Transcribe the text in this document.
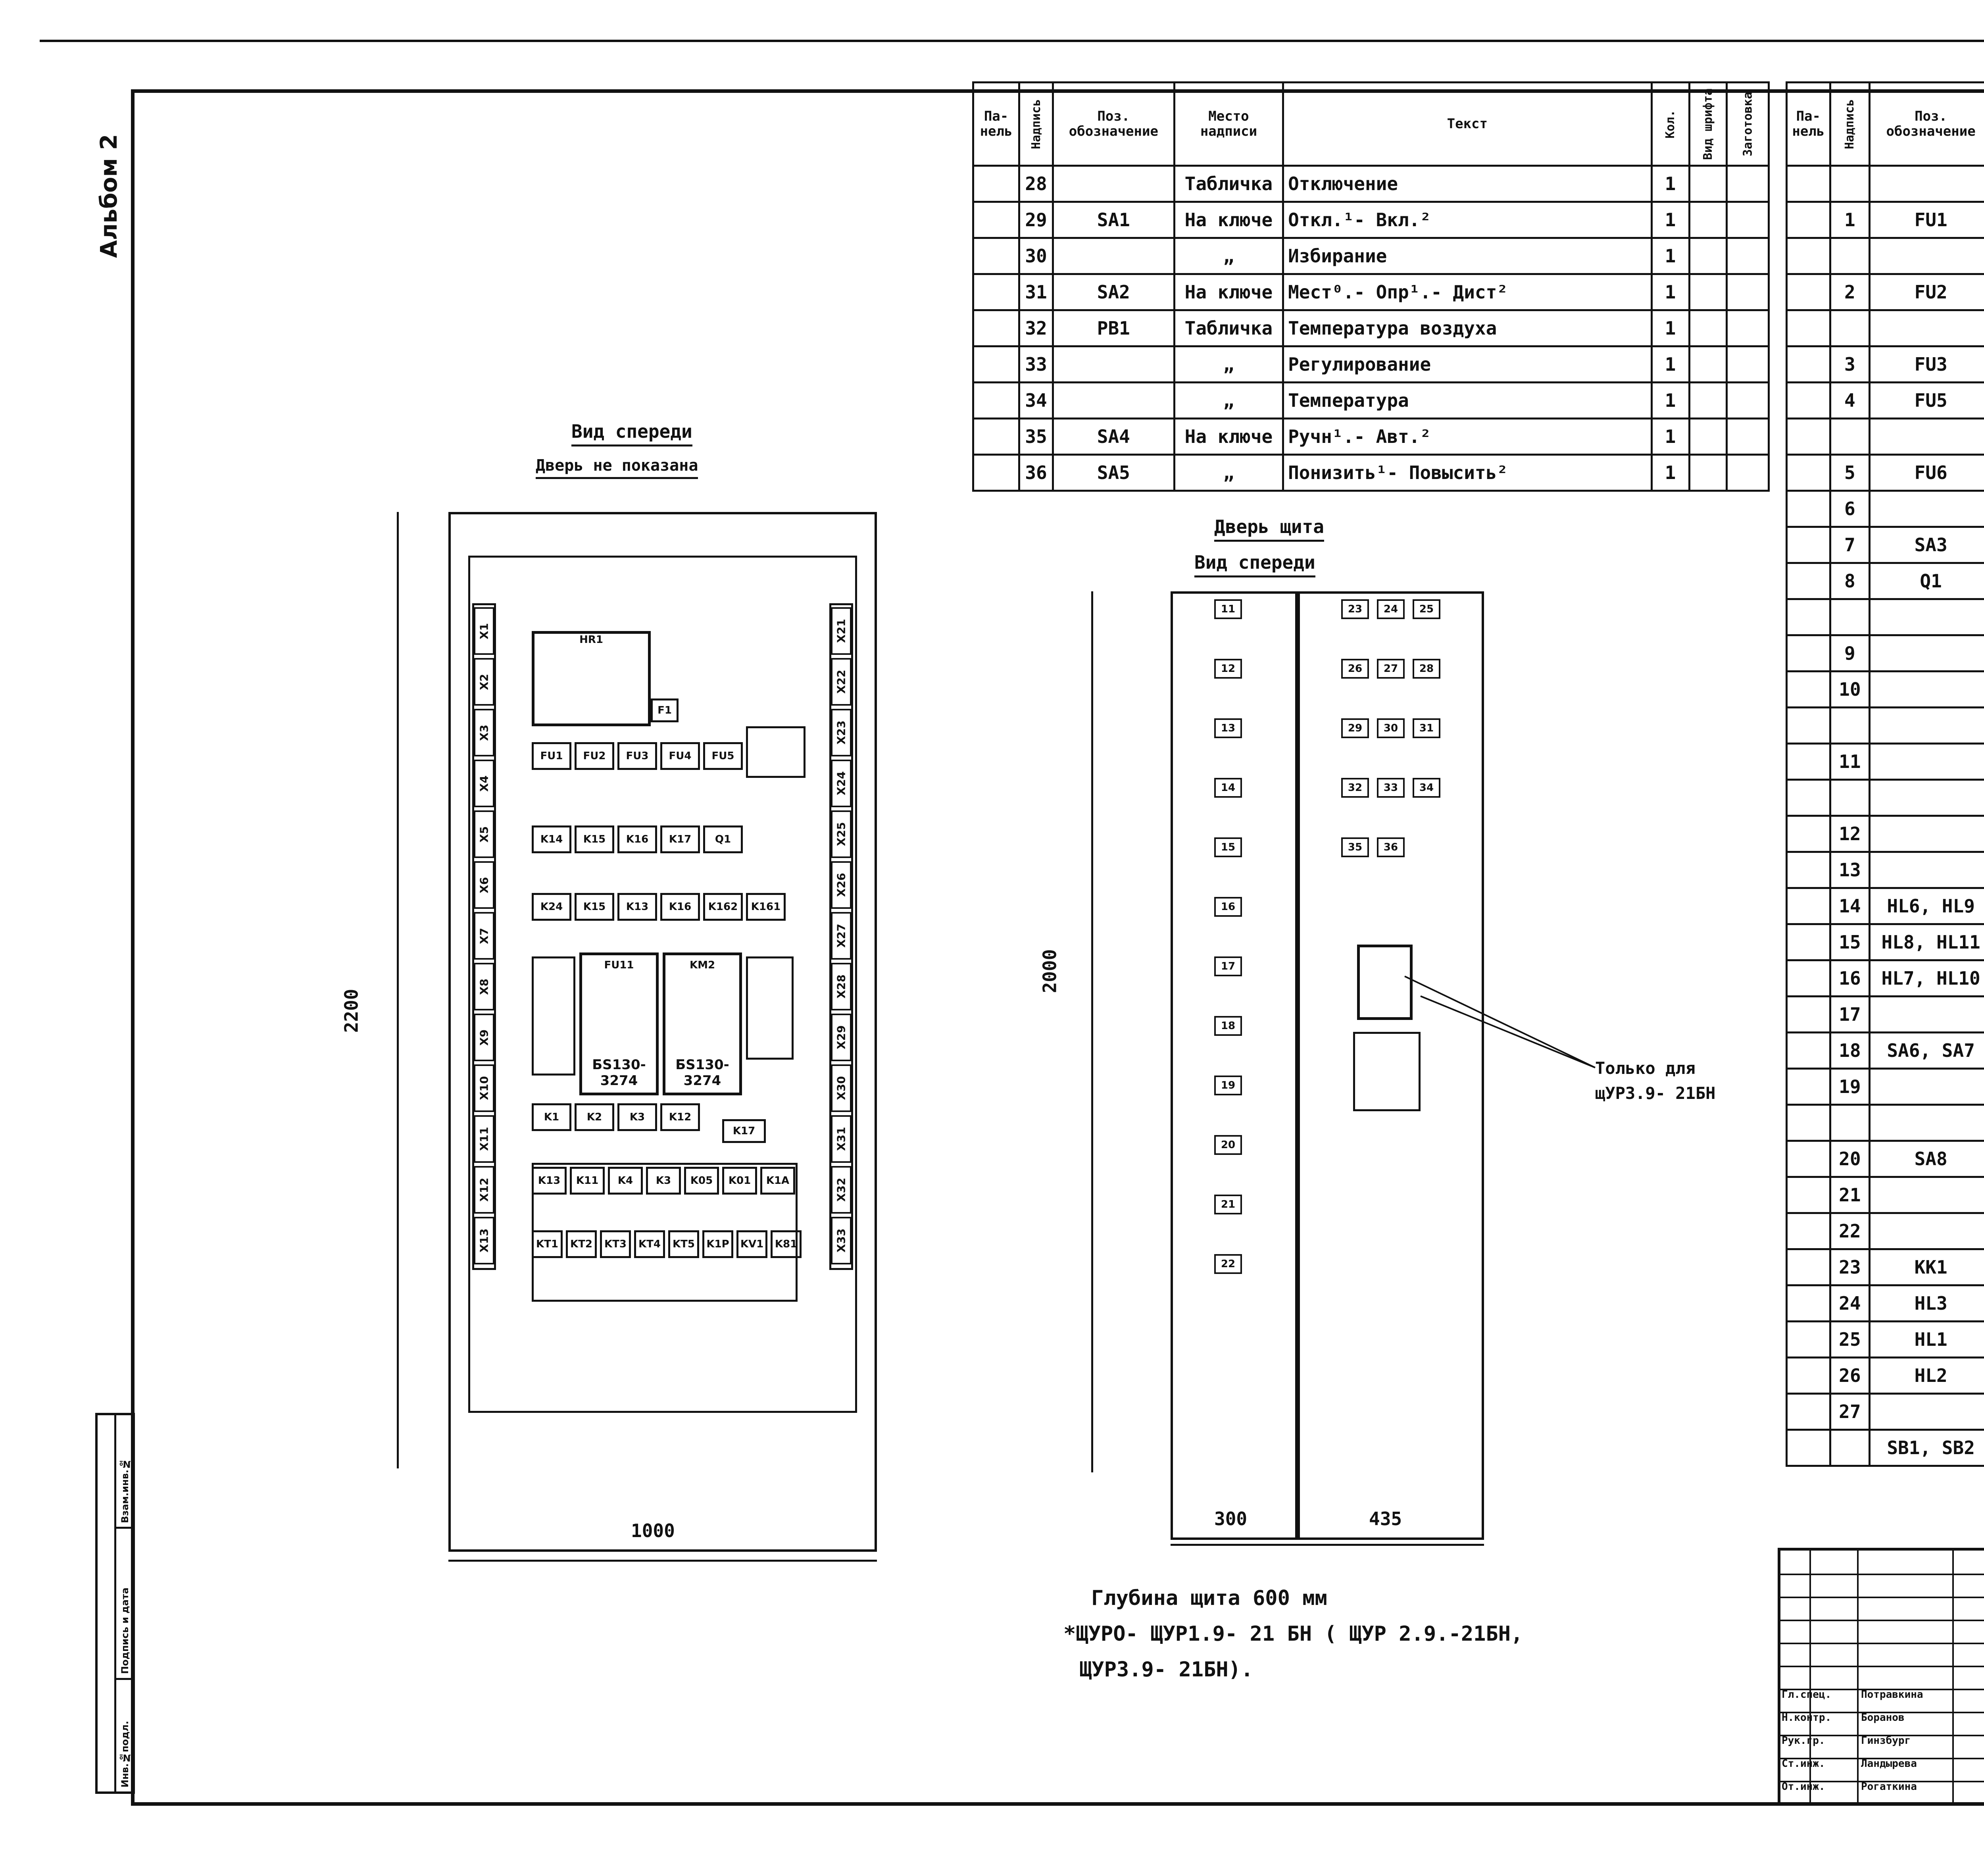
Альбом 2
Взам.инв.№
Подпись и дата
Инв.№подл.
Па-нель	Надпись	Поз. обозначение	Место надписи	Текст	Кол.	Вид шрифта	Заготовка
	28		Табличка	Отключение	1		
	29	SA1	На ключе	Откл.¹- Вкл.²	1		
	30		„	Избирание	1		
	31	SA2	На ключе	Мест⁰.- Опр¹.- Дист²	1		
	32	PB1	Табличка	Температура воздуха	1		
	33		„	Регулирование	1		
	34		„	Температура	1		
	35	SA4	На ключе	Ручн¹.- Авт.²	1		
	36	SA5	„	Понизить¹- Повысить²	1		
Па-нель	Надпись	Поз. обозначение					

	1	FU1					

	2	FU2					

	3	FU3					
	4	FU5					

	5	FU6					
	6						
	7	SA3					
	8	Q1					

	9						
	10						

	11						

	12						
	13						
	14	HL6, HL9					
	15	HL8, HL11					
	16	HL7, HL10					
	17						
	18	SA6, SA7					
	19						

	20	SA8					
	21						
	22						
	23	KK1					
	24	HL3					
	25	HL1					
	26	HL2					
	27						
		SB1, SB2					
Вид спереди
Дверь не показана
2200
1000
X1
X2
X3
X4
X5
X6
X7
X8
X9
X10
X11
X12
X13
X21
X22
X23
X24
X25
X26
X27
X28
X29
X30
X31
X32
X33
HR1
F1
FU1	FU2	FU3	FU4	FU5
K14	K15	K16	K17	Q1
K24	K15	K13	K16	K162	K161
FU11
БS130-3274
KM2
БS130-3274
K17
K1	K2	K3	K12
K13	K11	K4	K3	K05	K01	K1A
KT1	KT2	KT3	KT4	KT5	K1P	KV1	K81
Дверь щита
Вид спереди
2000
300	435
11
12
13
14
15
16
17
18
19
20
21
22
23	24	25
26	27	28
29	30	31
32	33	34
35	36
Только для щУР3.9- 21БН
Глубина щита 600 мм
*ЩУРО- ЩУР1.9- 21 БН ( ЩУР 2.9.-21БН,
ЩУР3.9- 21БН).
Гл.спец.	Потравкина
Н.контр.	Боранов
Рук.гр.	Гинзбург
Ст.инж.	Ландырева
От.инж.	Рогаткина
